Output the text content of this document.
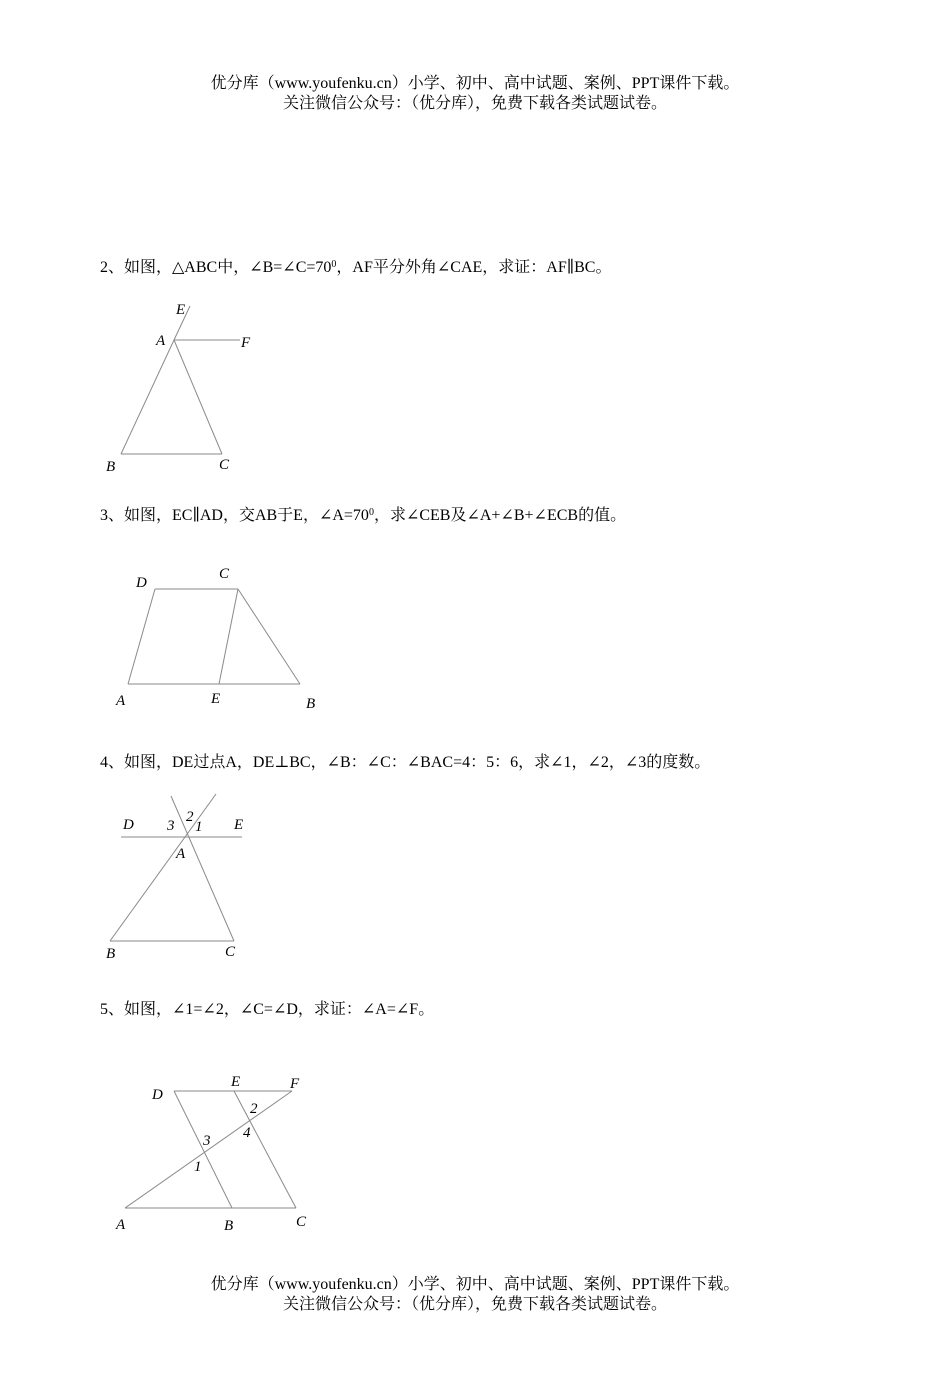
优分库（www.youfenku.cn）小学、初中、高中试题、案例、PPT课件下载。
关注微信公众号：（优分库），免费下载各类试题试卷。
2、如图，△ABC中，$\angle B=\angle C=70^0$，AF平分外角∠CAE，求证：AF∥BC。
E
A	F
B	C
3、如图，EC∥AD，交AB于E，$\angle A=70^0$，求∠CEB及∠A+∠B+∠ECB的值。
D
C
A	E	B
4、如图，DE过点A，DE⊥BC，∠B：∠C：∠BAC=4：5：6，求∠1，∠2，∠3的度数。
D	E
A
B	C
3
2
1
5、如图，∠1=∠2，∠C=∠D，求证：∠A=∠F。
D
E	F
A	B	C
2
4
3
1
优分库（www.youfenku.cn）小学、初中、高中试题、案例、PPT课件下载。
关注微信公众号：（优分库），免费下载各类试题试卷。
